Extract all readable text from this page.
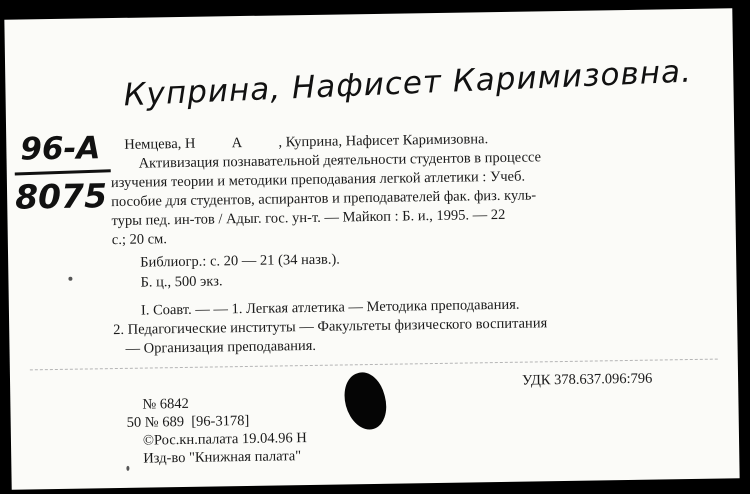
Куприна, Нафисет Каримизовна.
96-А
8075
Немцева, Н          А          , Куприна, Нафисет Каримизовна.
Активизация познавательной деятельности студентов в процессе
изучения теории и методики преподавания легкой атлетики : Учеб.
пособие для студентов, аспирантов и преподавателей фак. физ. куль-
туры пед. ин-тов / Адыг. гос. ун-т. — Майкоп : Б. и., 1995. — 22
с.; 20 см.
Библиогр.: с. 20 — 21 (34 назв.).
Б. ц., 500 экз.
I. Соавт. — — 1. Легкая атлетика — Методика преподавания.
2. Педагогические институты — Факультеты физического воспитания
— Организация преподавания.
УДК 378.637.096:796
№ 6842
50 № 689  [96-3178]
©Рос.кн.палата 19.04.96 Н
Изд-во "Книжная палата"
